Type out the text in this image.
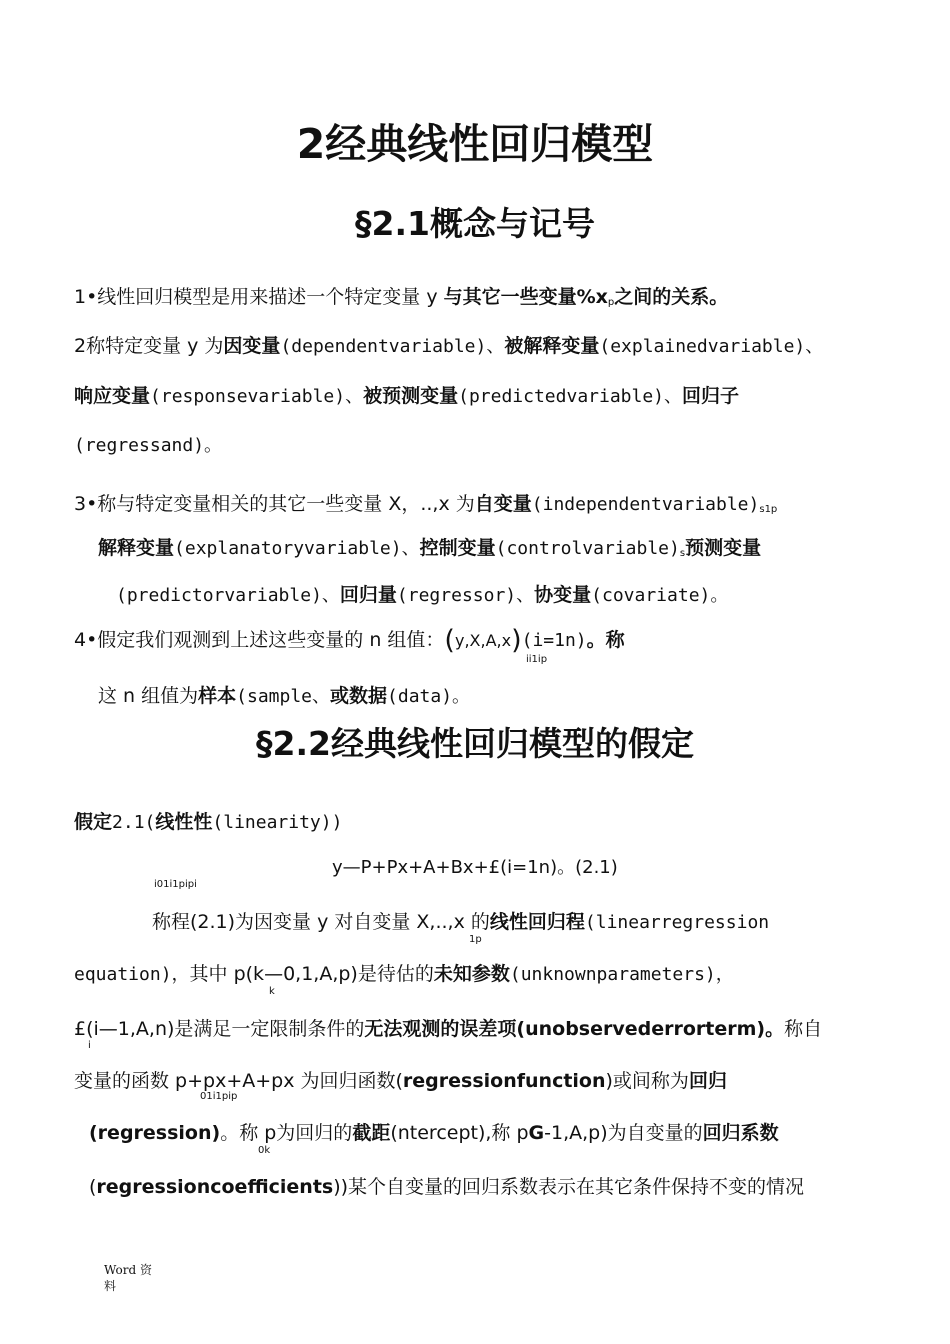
2经典线性回归模型
§2.1概念与记号
1•线性回归模型是用来描述一个特定变量 y 与其它一些变量$\%x_p$之间的关系。
2称特定变量 y 为因变量(dependentvariable)、被解释变量(explainedvariable)、
响应变量(responsevariable)、被预测变量(predictedvariable)、回归子
(regressand)。
3•称与特定变量相关的其它一些变量 X，..,x 为自变量$(independentvariable)_{s1p}$
解释变量(explanatoryvariable)、控制变量$(controlvariable)_s$预测变量
(predictorvariable)、回归量(regressor)、协变量(covariate)。
4•假定我们观测到上述这些变量的 n 组值：(y,X,A,x)(i=1n)。称
ii1ip
这 n 组值为样本(sample、或数据(data)。
§2.2经典线性回归模型的假定
假定2.1(线性性(linearity))
y—P+Px+A+Bx+£(i=1n)。(2.1)
i01i1pipi
称程(2.1)为因变量 y 对自变量 X,..,x 的线性回归程(linearregression
1p
equation)，其中 p(k—0,1,A,p)是待估的未知参数(unknownparameters)，
k
£(i—1,A,n)是满足一定限制条件的无法观测的误差项(unobservederrorterm)。称自
i
变量的函数 p+px+A+px 为回归函数(regressionfunction)或间称为回归
01i1pip
(regression)。称 p为回归的截距(ntercept),称 pG-1,A,p)为自变量的回归系数
0k
(regressioncoefficients))某个自变量的回归系数表示在其它条件保持不变的情况
Word 资
料
